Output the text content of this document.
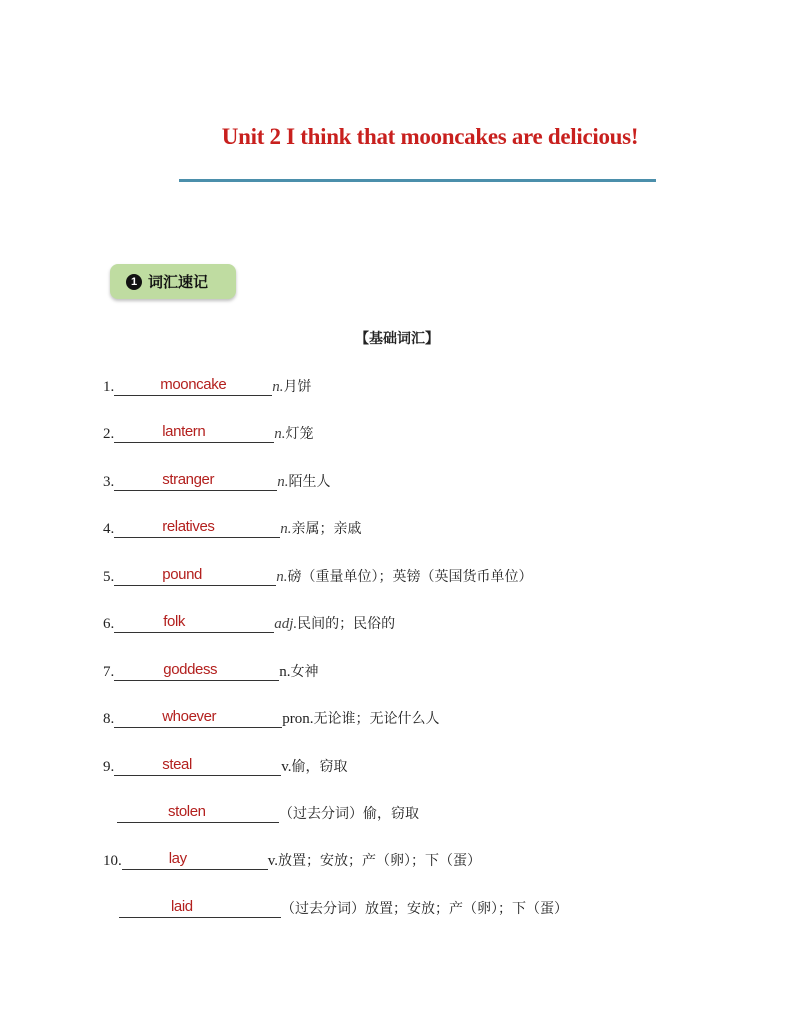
Unit 2 I think that mooncakes are delicious!
1 词汇速记
【基础词汇】
1.	mooncake	n. 月饼
2.	lantern	n. 灯笼
3.	stranger	n. 陌生人
4.	relatives	n. 亲属；亲戚
5.	pound	n. 磅（重量单位）；英镑（英国货币单位）
6.	folk	adj. 民间的；民俗的
7.	goddess	n. 女神
8.	whoever	pron. 无论谁；无论什么人
9.	steal	v. 偷，窃取
stolen	（过去分词）偷，窃取
10.	lay	v. 放置；安放；产（卵）；下（蛋）
laid	（过去分词）放置；安放；产（卵）；下（蛋）
